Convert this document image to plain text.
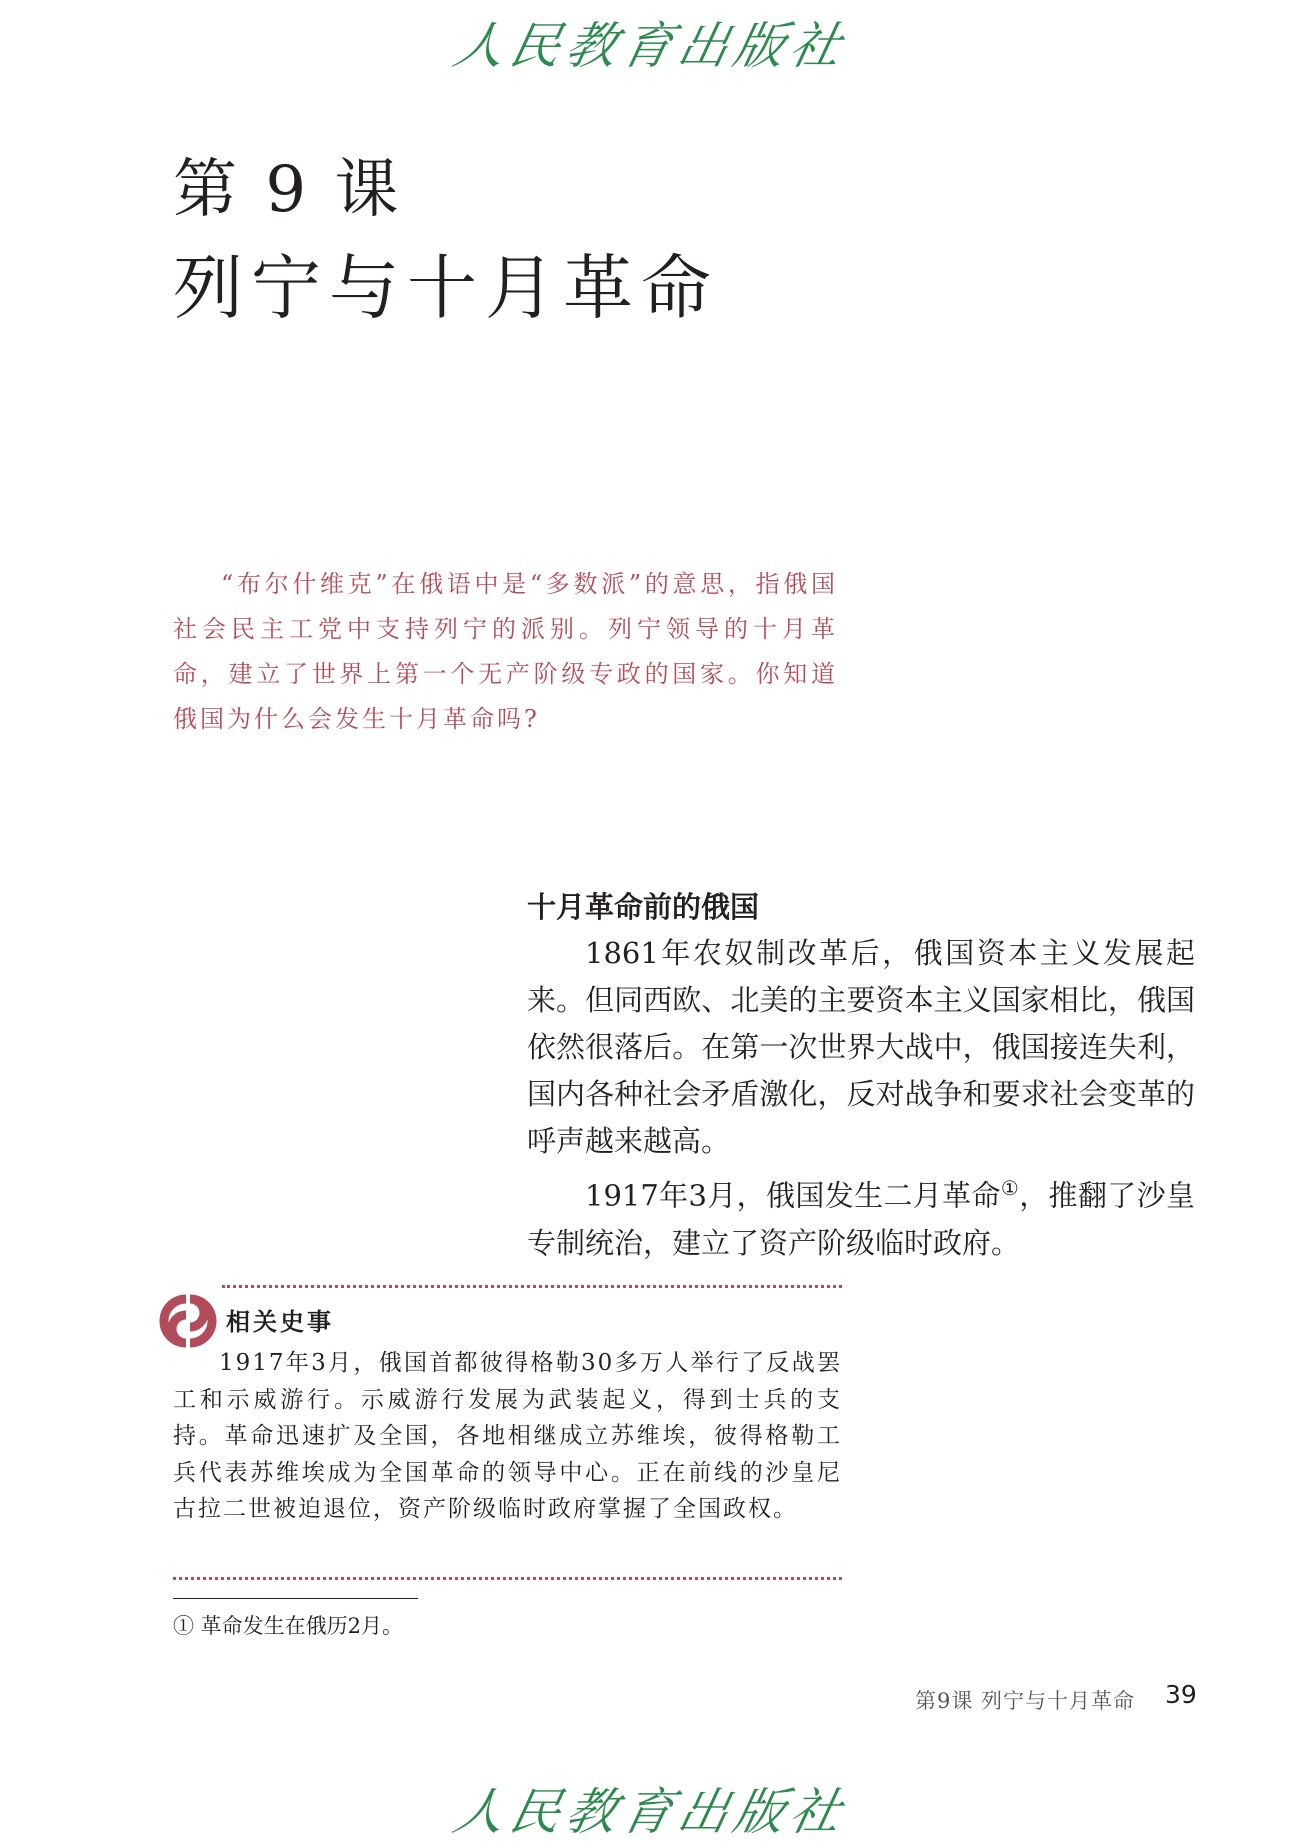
人民教育出版社
第 9 课
列宁与十月革命
“布尔什维克”在俄语中是“多数派”的意思，指俄国社会民主工党中支持列宁的派别。列宁领导的十月革命，建立了世界上第一个无产阶级专政的国家。你知道俄国为什么会发生十月革命吗?
十月革命前的俄国

1861年农奴制改革后，俄国资本主义发展起来。但同西欧、北美的主要资本主义国家相比，俄国依然很落后。在第一次世界大战中，俄国接连失利，国内各种社会矛盾激化，反对战争和要求社会变革的呼声越来越高。

1917年3月，俄国发生二月革命①，推翻了沙皇专制统治，建立了资产阶级临时政府。

相关史事
1917年3月，俄国首都彼得格勒30多万人举行了反战罢工和示威游行。示威游行发展为武装起义，得到士兵的支持。革命迅速扩及全国，各地相继成立苏维埃，彼得格勒工兵代表苏维埃成为全国革命的领导中心。正在前线的沙皇尼古拉二世被迫退位，资产阶级临时政府掌握了全国政权。
① 革命发生在俄历2月。
第9课 列宁与十月革命 39
人民教育出版社
